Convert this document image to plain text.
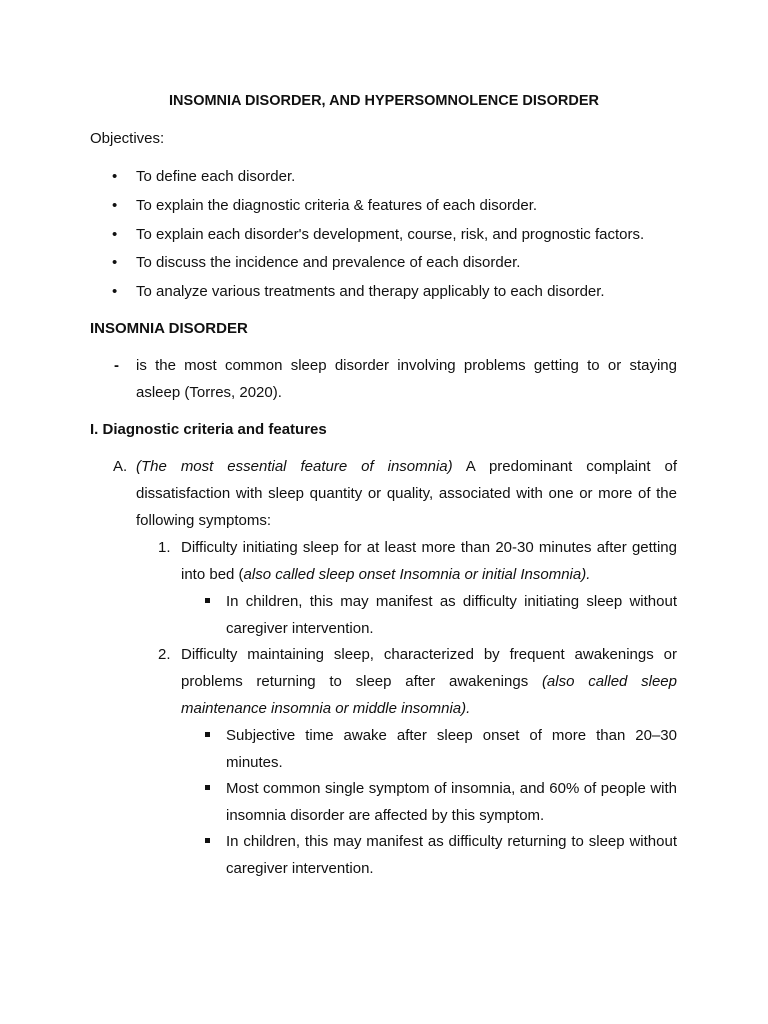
INSOMNIA DISORDER, AND HYPERSOMNOLENCE DISORDER
Objectives:
• To define each disorder.
• To explain the diagnostic criteria & features of each disorder.
• To explain each disorder's development, course, risk, and prognostic factors.
• To discuss the incidence and prevalence of each disorder.
• To analyze various treatments and therapy applicably to each disorder.
INSOMNIA DISORDER
- is the most common sleep disorder involving problems getting to or staying asleep (Torres, 2020).
I. Diagnostic criteria and features
A. (The most essential feature of insomnia) A predominant complaint of dissatisfaction with sleep quantity or quality, associated with one or more of the following symptoms:
1. Difficulty initiating sleep for at least more than 20-30 minutes after getting into bed (also called sleep onset Insomnia or initial Insomnia).
In children, this may manifest as difficulty initiating sleep without caregiver intervention.
2. Difficulty maintaining sleep, characterized by frequent awakenings or problems returning to sleep after awakenings (also called sleep maintenance insomnia or middle insomnia).
Subjective time awake after sleep onset of more than 20–30 minutes.
Most common single symptom of insomnia, and 60% of people with insomnia disorder are affected by this symptom.
In children, this may manifest as difficulty returning to sleep without caregiver intervention.
